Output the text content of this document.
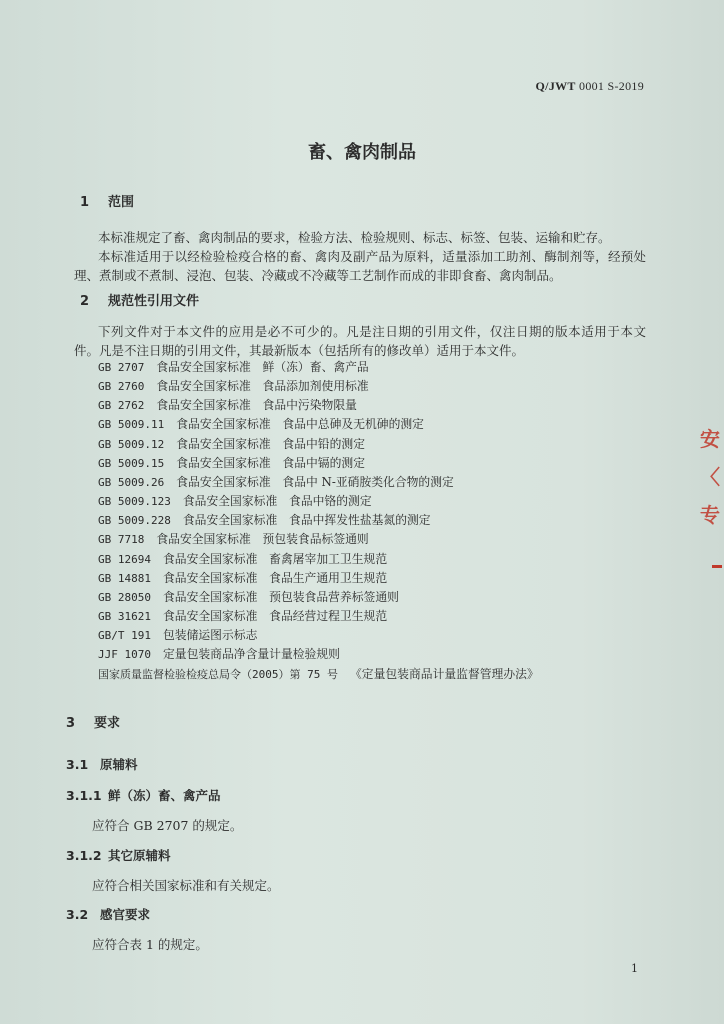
Q/JWT 0001 S-2019
畜、禽肉制品
1 范围
本标准规定了畜、禽肉制品的要求，检验方法、检验规则、标志、标签、包装、运输和贮存。
本标准适用于以经检验检疫合格的畜、禽肉及副产品为原料，适量添加工助剂、酶制剂等，经预处理、煮制或不煮制、浸泡、包装、冷藏或不冷藏等工艺制作而成的非即食畜、禽肉制品。
2 规范性引用文件
下列文件对于本文件的应用是必不可少的。凡是注日期的引用文件，仅注日期的版本适用于本文件。凡是不注日期的引用文件，其最新版本（包括所有的修改单）适用于本文件。
GB 2707 食品安全国家标准　鲜（冻）畜、禽产品
GB 2760 食品安全国家标准　食品添加剂使用标准
GB 2762 食品安全国家标准　食品中污染物限量
GB 5009.11 食品安全国家标准　食品中总砷及无机砷的测定
GB 5009.12 食品安全国家标准　食品中铅的测定
GB 5009.15 食品安全国家标准　食品中镉的测定
GB 5009.26 食品安全国家标准　食品中 N-亚硝胺类化合物的测定
GB 5009.123 食品安全国家标准　食品中铬的测定
GB 5009.228 食品安全国家标准　食品中挥发性盐基氮的测定
GB 7718 食品安全国家标准　预包装食品标签通则
GB 12694 食品安全国家标准　畜禽屠宰加工卫生规范
GB 14881 食品安全国家标准　食品生产通用卫生规范
GB 28050 食品安全国家标准　预包装食品营养标签通则
GB 31621 食品安全国家标准　食品经营过程卫生规范
GB/T 191 包装储运图示标志
JJF 1070 定量包装商品净含量计量检验规则
国家质量监督检验检疫总局令（2005）第 75 号 《定量包装商品计量监督管理办法》
3 要求
3.1 原辅料
3.1.1 鲜（冻）畜、禽产品
应符合 GB 2707 的规定。
3.1.2 其它原辅料
应符合相关国家标准和有关规定。
3.2 感官要求
应符合表 1 的规定。
1
安
〈
专
